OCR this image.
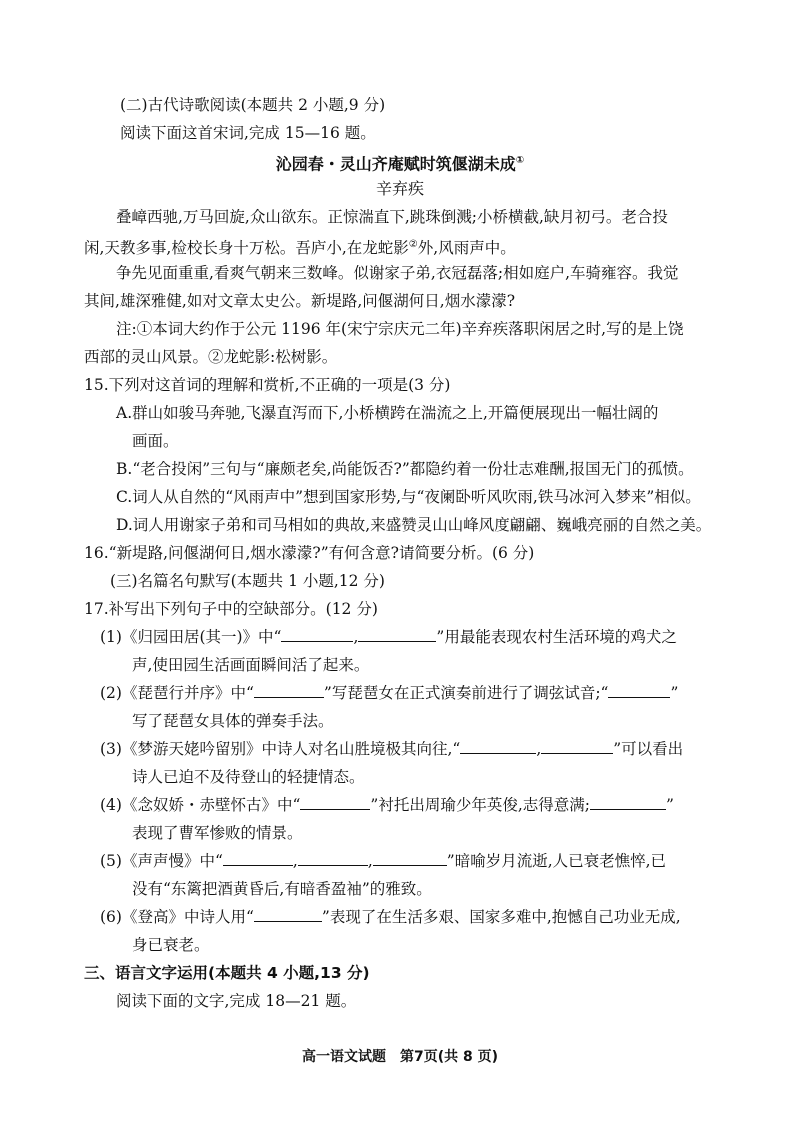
(二)古代诗歌阅读(本题共 2 小题,9 分)
阅读下面这首宋词,完成 15—16 题。
沁园春・灵山齐庵赋时筑偃湖未成①
辛弃疾
叠嶂西驰,万马回旋,众山欲东。正惊湍直下,跳珠倒溅;小桥横截,缺月初弓。老合投
闲,天教多事,检校长身十万松。吾庐小,在龙蛇影②外,风雨声中。
争先见面重重,看爽气朝来三数峰。似谢家子弟,衣冠磊落;相如庭户,车骑雍容。我觉
其间,雄深雅健,如对文章太史公。新堤路,问偃湖何日,烟水濛濛?
注:①本词大约作于公元 1196 年(宋宁宗庆元二年)辛弃疾落职闲居之时,写的是上饶
西部的灵山风景。②龙蛇影:松树影。
15.下列对这首词的理解和赏析,不正确的一项是(3 分)
A.群山如骏马奔驰,飞瀑直泻而下,小桥横跨在湍流之上,开篇便展现出一幅壮阔的
画面。
B.“老合投闲”三句与“廉颇老矣,尚能饭否?”都隐约着一份壮志难酬,报国无门的孤愤。
C.词人从自然的“风雨声中”想到国家形势,与“夜阑卧听风吹雨,铁马冰河入梦来”相似。
D.词人用谢家子弟和司马相如的典故,来盛赞灵山山峰风度翩翩、巍峨亮丽的自然之美。
16.“新堤路,问偃湖何日,烟水濛濛?”有何含意?请简要分析。(6 分)
(三)名篇名句默写(本题共 1 小题,12 分)
17.补写出下列句子中的空缺部分。(12 分)
(1)《归园田居(其一)》中“	,	”用最能表现农村生活环境的鸡犬之
声,使田园生活画面瞬间活了起来。
(2)《琵琶行并序》中“	”写琵琶女在正式演奏前进行了调弦试音;“	”
写了琵琶女具体的弹奏手法。
(3)《梦游天姥吟留别》中诗人对名山胜境极其向往,“	,	”可以看出
诗人已迫不及待登山的轻捷情态。
(4)《念奴娇・赤壁怀古》中“	”衬托出周瑜少年英俊,志得意满;	”
表现了曹军惨败的情景。
(5)《声声慢》中“	,	,	”暗喻岁月流逝,人已衰老憔悴,已
没有“东篱把酒黄昏后,有暗香盈袖”的雅致。
(6)《登高》中诗人用“	”表现了在生活多艰、国家多难中,抱憾自己功业无成,
身已衰老。
三、语言文字运用(本题共 4 小题,13 分)
阅读下面的文字,完成 18—21 题。
高一语文试题　第7页(共 8 页)
